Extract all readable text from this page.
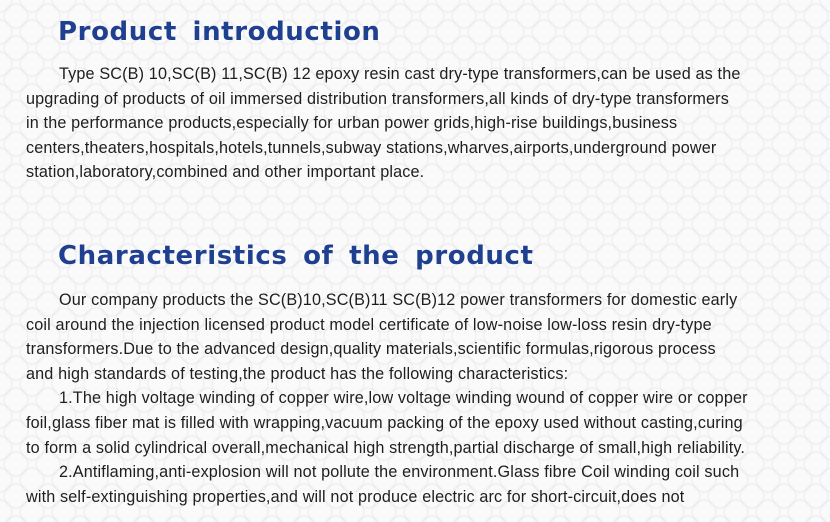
Product introduction
Type SC(B) 10,SC(B) 11,SC(B) 12 epoxy resin cast dry-type transformers,can be used as the
upgrading of products of oil immersed distribution transformers,all kinds of dry-type transformers
in the performance products,especially for urban power grids,high-rise buildings,business
centers,theaters,hospitals,hotels,tunnels,subway stations,wharves,airports,underground power
station,laboratory,combined and other important place.
Characteristics of the product
Our company products the SC(B)10,SC(B)11 SC(B)12 power transformers for domestic early
coil around the injection licensed product model certificate of low-noise low-loss resin dry-type
transformers.Due to the advanced design,quality materials,scientific formulas,rigorous process
and high standards of testing,the product has the following characteristics:
1.The high voltage winding of copper wire,low voltage winding wound of copper wire or copper
foil,glass fiber mat is filled with wrapping,vacuum packing of the epoxy used without casting,curing
to form a solid cylindrical overall,mechanical high strength,partial discharge of small,high reliability.
2.Antiflaming,anti-explosion will not pollute the environment.Glass fibre Coil winding coil such
with self-extinguishing properties,and will not produce electric arc for short-circuit,does not
